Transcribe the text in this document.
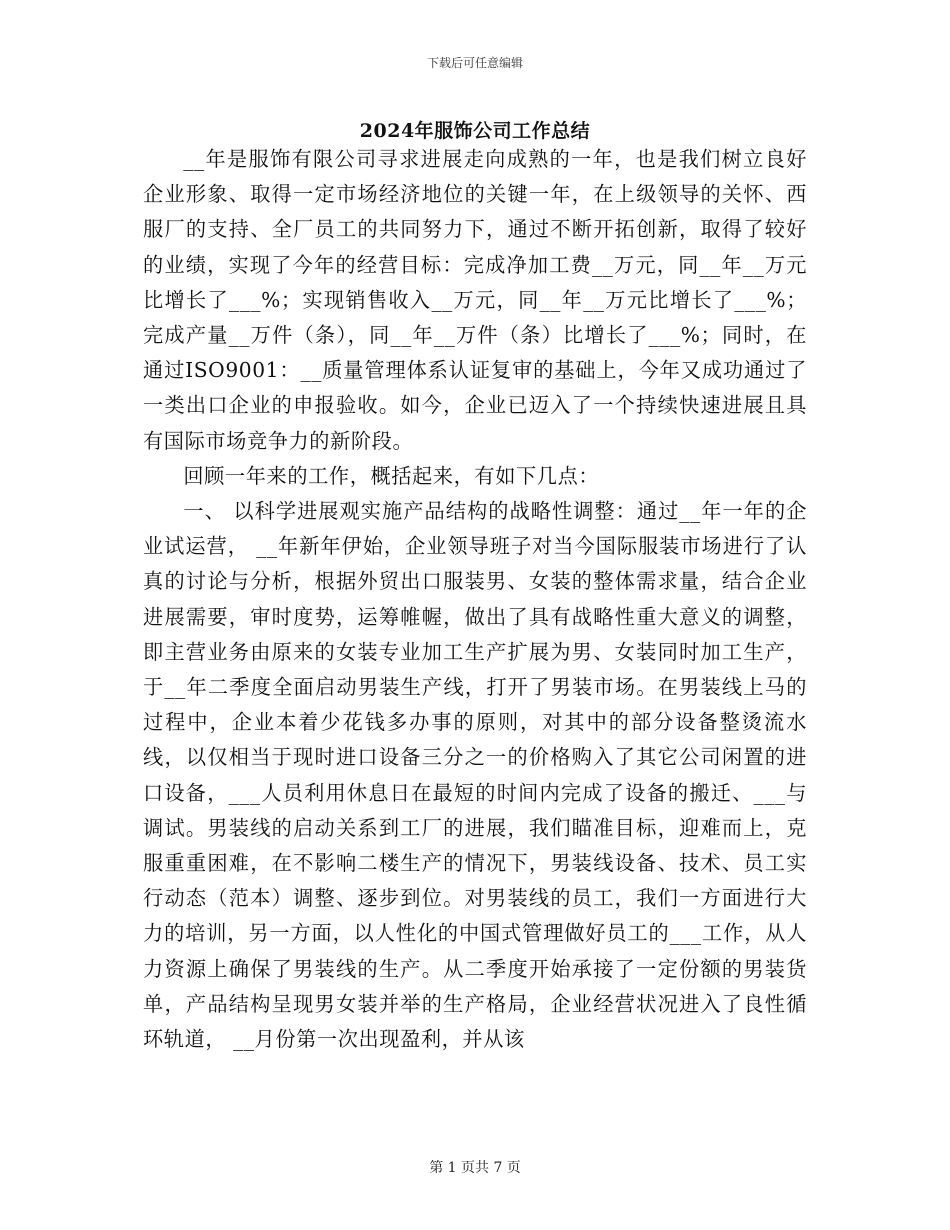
下载后可任意编辑
2024年服饰公司工作总结

__年是服饰有限公司寻求进展走向成熟的一年，也是我们树立良好企业形象、取得一定市场经济地位的关键一年，在上级领导的关怀、西服厂的支持、全厂员工的共同努力下，通过不断开拓创新，取得了较好的业绩，实现了今年的经营目标：完成净加工费__万元，同__年__万元比增长了___%；实现销售收入__万元，同__年__万元比增长了___%；完成产量__万件（条），同__年__万件（条）比增长了___%；同时，在通过ISO9001：__质量管理体系认证复审的基础上，今年又成功通过了一类出口企业的申报验收。如今，企业已迈入了一个持续快速进展且具有国际市场竞争力的新阶段。

回顾一年来的工作，概括起来，有如下几点：

一、 以科学进展观实施产品结构的战略性调整：通过__年一年的企业试运营， __年新年伊始，企业领导班子对当今国际服装市场进行了认真的讨论与分析，根据外贸出口服装男、女装的整体需求量，结合企业进展需要，审时度势，运筹帷幄，做出了具有战略性重大意义的调整，即主营业务由原来的女装专业加工生产扩展为男、女装同时加工生产，于__年二季度全面启动男装生产线，打开了男装市场。在男装线上马的过程中，企业本着少花钱多办事的原则，对其中的部分设备整烫流水线，以仅相当于现时进口设备三分之一的价格购入了其它公司闲置的进口设备，___人员利用休息日在最短的时间内完成了设备的搬迁、___与调试。男装线的启动关系到工厂的进展，我们瞄准目标，迎难而上，克服重重困难，在不影响二楼生产的情况下，男装线设备、技术、员工实行动态（范本）调整、逐步到位。对男装线的员工，我们一方面进行大力的培训，另一方面，以人性化的中国式管理做好员工的___工作，从人力资源上确保了男装线的生产。从二季度开始承接了一定份额的男装货单，产品结构呈现男女装并举的生产格局，企业经营状况进入了良性循环轨道， __月份第一次出现盈利，并从该

第 1 页共 7 页
